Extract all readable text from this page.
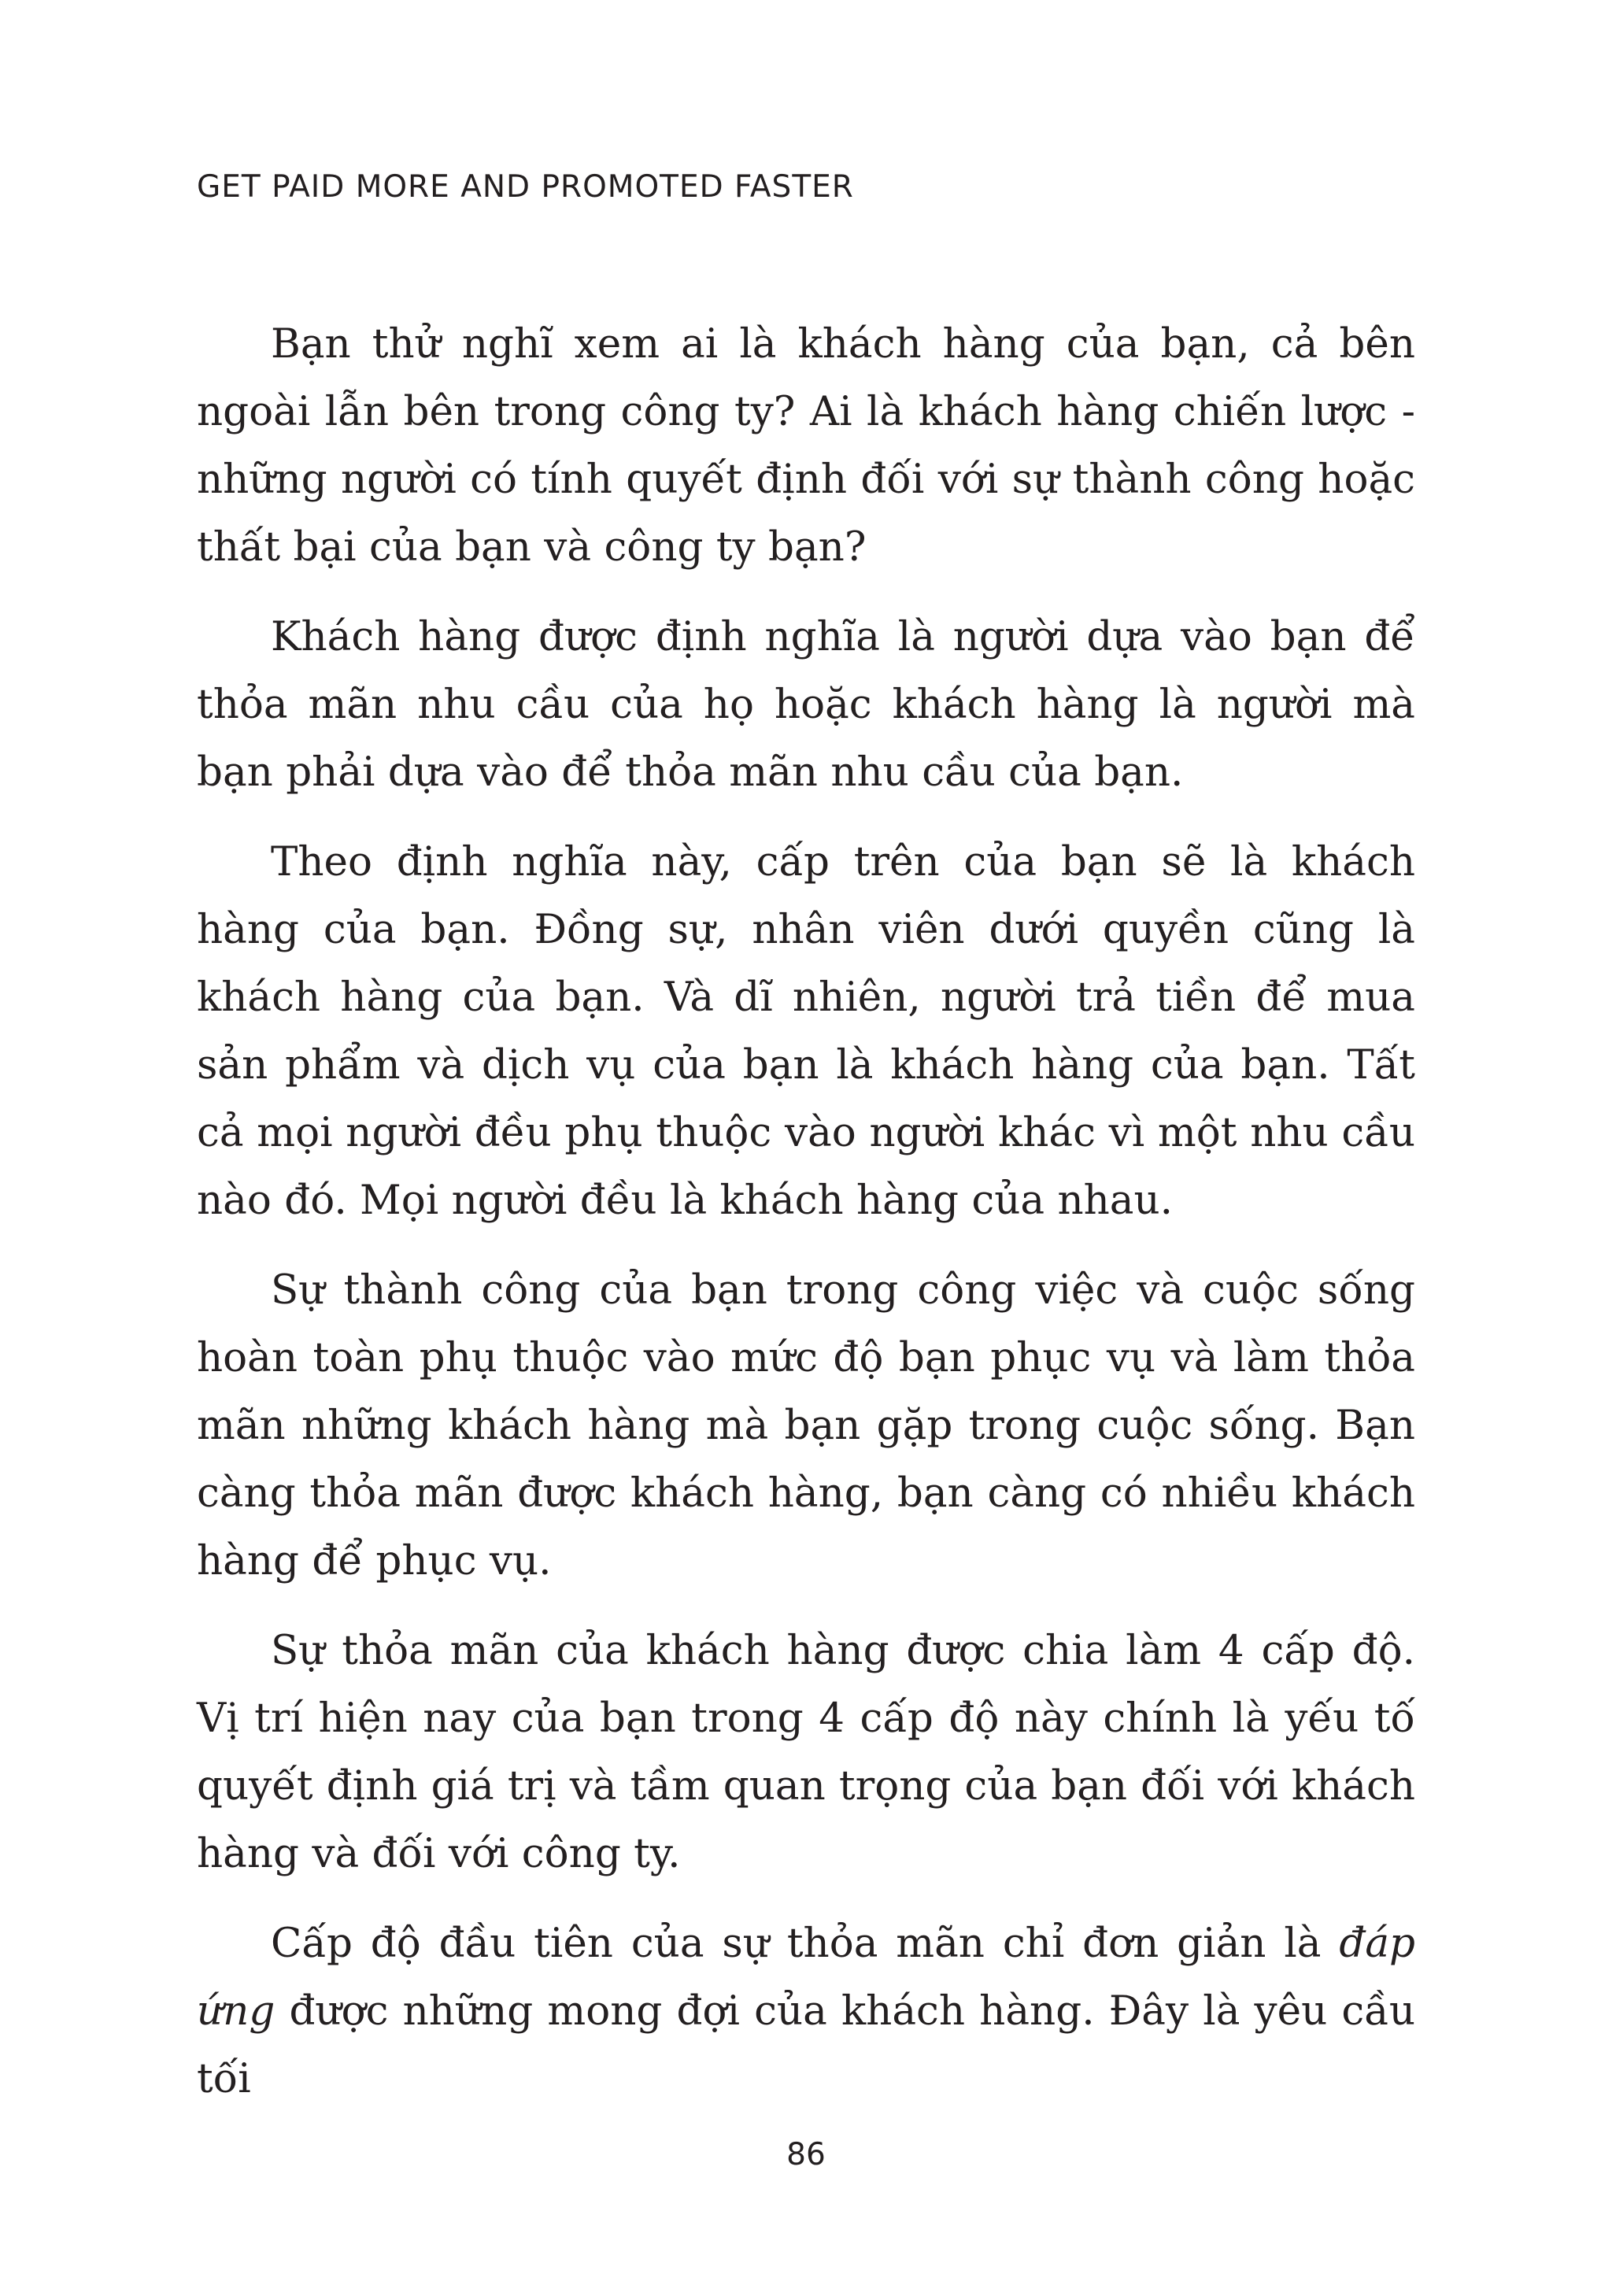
GET PAID MORE AND PROMOTED FASTER

Bạn thử nghĩ xem ai là khách hàng của bạn, cả bên ngoài lẫn bên trong công ty? Ai là khách hàng chiến lược - những người có tính quyết định đối với sự thành công hoặc thất bại của bạn và công ty bạn?

Khách hàng được định nghĩa là người dựa vào bạn để thỏa mãn nhu cầu của họ hoặc khách hàng là người mà bạn phải dựa vào để thỏa mãn nhu cầu của bạn.

Theo định nghĩa này, cấp trên của bạn sẽ là khách hàng của bạn. Đồng sự, nhân viên dưới quyền cũng là khách hàng của bạn. Và dĩ nhiên, người trả tiền để mua sản phẩm và dịch vụ của bạn là khách hàng của bạn. Tất cả mọi người đều phụ thuộc vào người khác vì một nhu cầu nào đó. Mọi người đều là khách hàng của nhau.

Sự thành công của bạn trong công việc và cuộc sống hoàn toàn phụ thuộc vào mức độ bạn phục vụ và làm thỏa mãn những khách hàng mà bạn gặp trong cuộc sống. Bạn càng thỏa mãn được khách hàng, bạn càng có nhiều khách hàng để phục vụ.

Sự thỏa mãn của khách hàng được chia làm 4 cấp độ. Vị trí hiện nay của bạn trong 4 cấp độ này chính là yếu tố quyết định giá trị và tầm quan trọng của bạn đối với khách hàng và đối với công ty.

Cấp độ đầu tiên của sự thỏa mãn chỉ đơn giản là đáp ứng được những mong đợi của khách hàng. Đây là yêu cầu tối

86
